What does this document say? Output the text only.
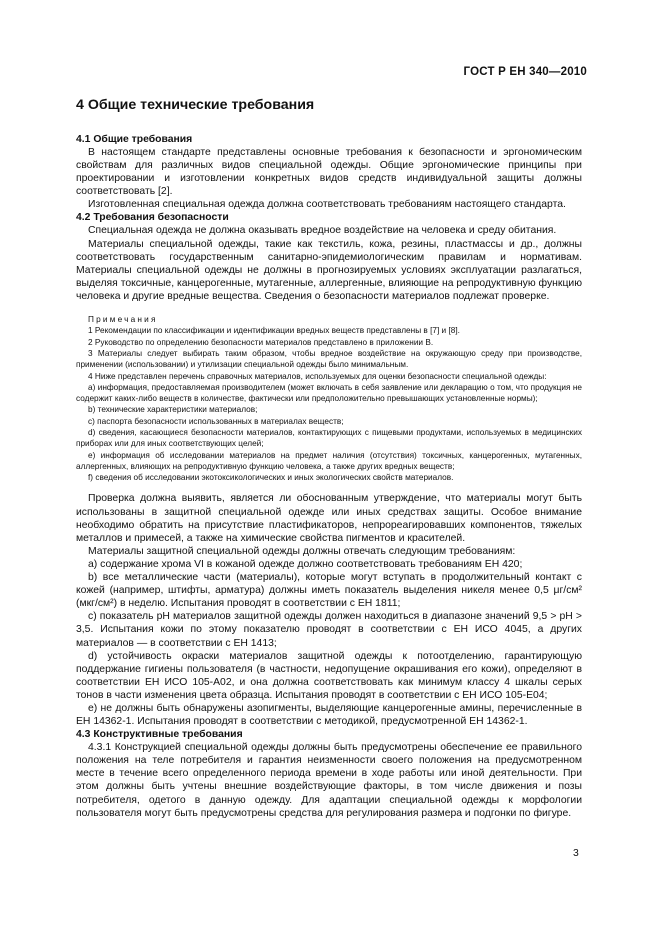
ГОСТ Р ЕН 340—2010
4 Общие технические требования
4.1 Общие требования

В настоящем стандарте представлены основные требования к безопасности и эргономическим свойствам для различных видов специальной одежды. Общие эргономические принципы при проектировании и изготовлении конкретных видов средств индивидуальной защиты должны соответствовать [2].

Изготовленная специальная одежда должна соответствовать требованиям настоящего стандарта.

4.2 Требования безопасности

Специальная одежда не должна оказывать вредное воздействие на человека и среду обитания.

Материалы специальной одежды, такие как текстиль, кожа, резины, пластмассы и др., должны соответствовать государственным санитарно-эпидемиологическим правилам и нормативам. Материалы специальной одежды не должны в прогнозируемых условиях эксплуатации разлагаться, выделяя токсичные, канцерогенные, мутагенные, аллергенные, влияющие на репродуктивную функцию человека и другие вредные вещества. Сведения о безопасности материалов подлежат проверке.

Примечания

1 Рекомендации по классификации и идентификации вредных веществ представлены в [7] и [8].

2 Руководство по определению безопасности материалов представлено в приложении В.

3 Материалы следует выбирать таким образом, чтобы вредное воздействие на окружающую среду при производстве, применении (использовании) и утилизации специальной одежды было минимальным.

4 Ниже представлен перечень справочных материалов, используемых для оценки безопасности специальной одежды:

а) информация, предоставляемая производителем (может включать в себя заявление или декларацию о том, что продукция не содержит каких-либо веществ в количестве, фактически или предположительно превышающих установленные нормы);

b) технические характеристики материалов;

c) паспорта безопасности использованных в материалах веществ;

d) сведения, касающиеся безопасности материалов, контактирующих с пищевыми продуктами, используемых в медицинских приборах или для иных соответствующих целей;

e) информация об исследовании материалов на предмет наличия (отсутствия) токсичных, канцерогенных, мутагенных, аллергенных, влияющих на репродуктивную функцию человека, а также других вредных веществ;

f) сведения об исследовании экотоксикологических и иных экологических свойств материалов.

Проверка должна выявить, является ли обоснованным утверждение, что материалы могут быть использованы в защитной специальной одежде или иных средствах защиты. Особое внимание необходимо обратить на присутствие пластификаторов, непрореагировавших компонентов, тяжелых металлов и примесей, а также на химические свойства пигментов и красителей.

Материалы защитной специальной одежды должны отвечать следующим требованиям:

а) содержание хрома VI в кожаной одежде должно соответствовать требованиям ЕН 420;

b) все металлические части (материалы), которые могут вступать в продолжительный контакт с кожей (например, штифты, арматура) должны иметь показатель выделения никеля менее 0,5 μг/см² (мкг/см²) в неделю. Испытания проводят в соответствии с ЕН 1811;

с) показатель рН материалов защитной одежды должен находиться в диапазоне значений 9,5 > рН > 3,5. Испытания кожи по этому показателю проводят в соответствии с ЕН ИСО 4045, а других материалов — в соответствии с ЕН 1413;

d) устойчивость окраски материалов защитной одежды к потоотделению, гарантирующую поддержание гигиены пользователя (в частности, недопущение окрашивания его кожи), определяют в соответствии ЕН ИСО 105-А02, и она должна соответствовать как минимум классу 4 шкалы серых тонов в части изменения цвета образца. Испытания проводят в соответствии с ЕН ИСО 105-Е04;

е) не должны быть обнаружены азопигменты, выделяющие канцерогенные амины, перечисленные в ЕН 14362-1. Испытания проводят в соответствии с методикой, предусмотренной ЕН 14362-1.

4.3 Конструктивные требования

4.3.1 Конструкцией специальной одежды должны быть предусмотрены обеспечение ее правильного положения на теле потребителя и гарантия неизменности своего положения на предусмотренном месте в течение всего определенного периода времени в ходе работы или иной деятельности. При этом должны быть учтены внешние воздействующие факторы, в том числе движения и позы потребителя, одетого в данную одежду. Для адаптации специальной одежды к морфологии пользователя могут быть предусмотрены средства для регулирования размера и подгонки по фигуре.

3
